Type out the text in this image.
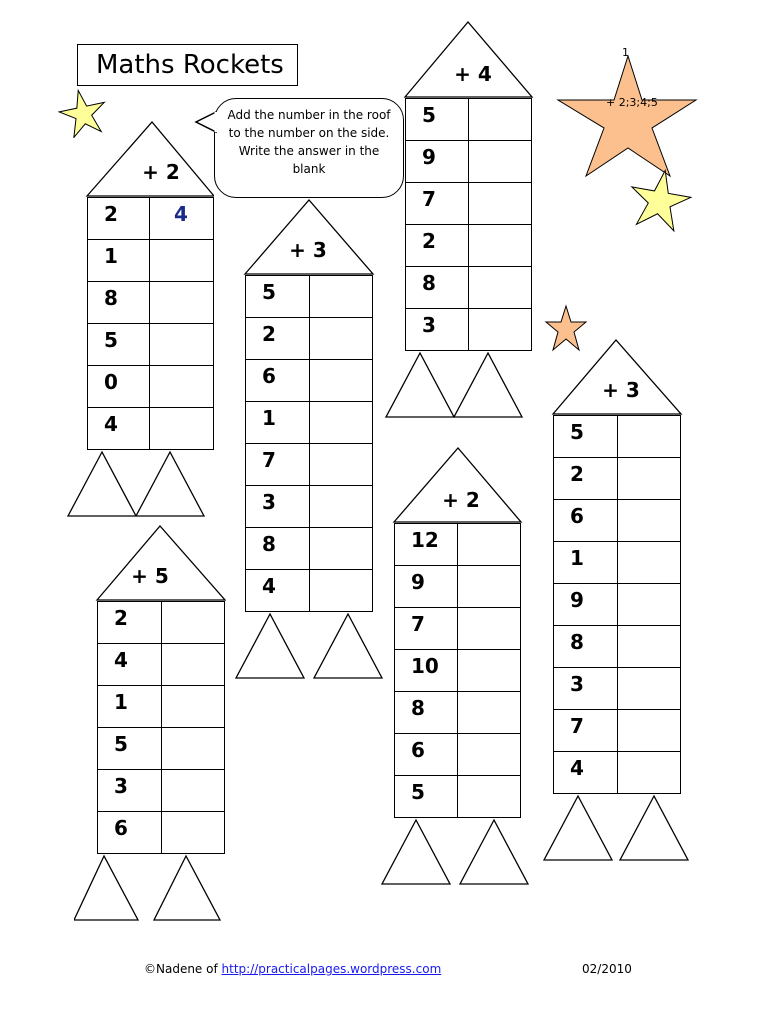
Maths Rockets
Add the number in the roof to the number on the side. Write the answer in the blank
1
+ 2;3;4;5
+ 2
2	4
1	
8	
5	
0	
4	
+ 3
5	
2	
6	
1	
7	
3	
8	
4	
+ 4
5	
9	
7	
2	
8	
3	
+ 3
5	
2	
6	
1	
9	
8	
3	
7	
4	
+ 2
12	
9	
7	
10	
8	
6	
5	
+ 5
2	
4	
1	
5	
3	
6	
©Nadene of http://practicalpages.wordpress.com	02/2010
